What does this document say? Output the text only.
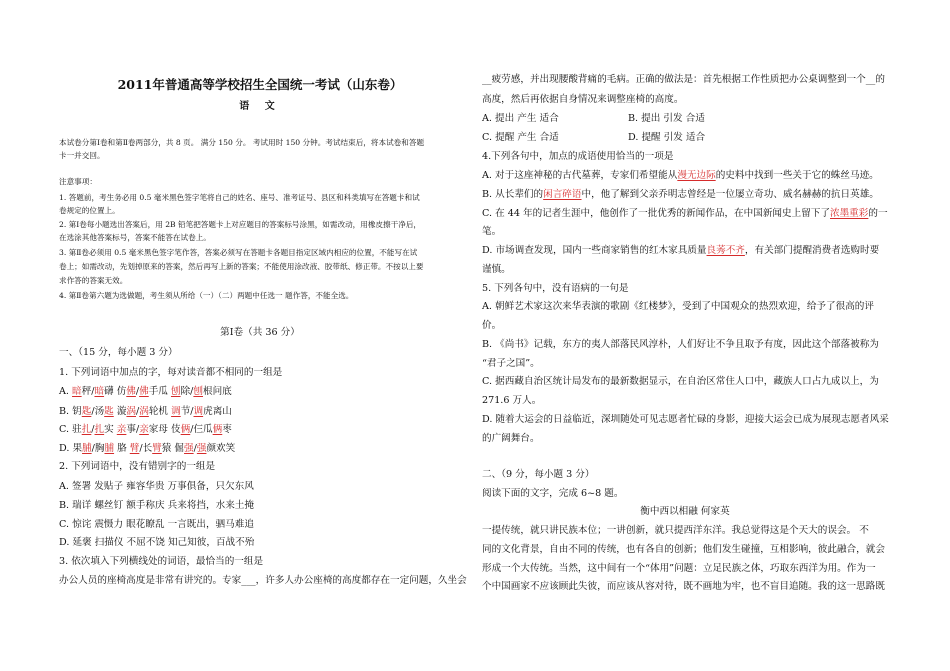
2011年普通高等学校招生全国统一考试（山东卷）
语 文
本试卷分第Ⅰ卷和第Ⅱ卷两部分，共 8 页。 满分 150 分。 考试用时 150 分钟。考试结束后，将本试卷和答题
卡一并交回。
注意事项：
1. 答题前，考生务必用 0.5 毫米黑色签字笔将自己的姓名、座号、准考证号、县区和科类填写在答题卡和试
卷规定的位置上。
2. 第Ⅰ卷每小题选出答案后，用 2B 铅笔把答题卡上对应题目的答案标号涂黑，如需改动，用橡皮擦干净后，
在选涂其他答案标号，答案不能答在试卷上。
3. 第Ⅱ卷必须用 0.5 毫米黑色签字笔作答，答案必须写在答题卡各题目指定区域内相应的位置，不能写在试
卷上；如需改动，先划掉原来的答案，然后再写上新的答案；不能使用涂改液、胶带纸、修正带。不按以上要
求作答的答案无效。
4. 第Ⅱ卷第六题为选做题，考生须从所给（一）（二）两题中任选一 题作答，不能全选。
第Ⅰ卷（共 36 分）
一、（15 分，每小题 3 分）
1. 下列词语中加点的字，每对读音都不相同的一组是
A. 暗秤/暗礴 仿佛/佛手瓜 刨除/刨根问底
B. 钥匙/汤匙 漩涡/涡轮机 调节/调虎离山
C. 驻扎/扎实 亲事/亲家母 伎俩/仨瓜俩枣
D. 果脯/胸脯 胳 臂/长臂猿 倔强/强颜欢笑
2. 下列词语中，没有错别字的一组是
A. 签署 发贴子 雍容华贵 万事俱备，只欠东风
B. 瑞详 螺丝钉 额手称庆 兵来将挡，水来土掩
C. 惊诧 震慑力 眼花瞭乱 一言既出，驷马难追
D. 延褒 扫描仪 不屈不饶 知己知彼，百战不殆
3. 依次填入下列横线处的词语，最恰当的一组是
办公人员的座椅高度是非常有讲究的。专家___，许多人办公座椅的高度都存在一定问题，久坐会
__疲劳感，并出现腰酸背痛的毛病。正确的做法是：首先根据工作性质把办公桌调整到一个__的
高度，然后再依据自身情况来调整座椅的高度。
A. 提出 产生 适合	B. 提出 引发 合适
C. 提醒 产生 合适	D. 提醒 引发 适合
4.下列各句中，加点的成语使用恰当的一项是
A. 对于这座神秘的古代墓葬，专家们希望能从漫无边际的史料中找到一些关于它的蛛丝马迹。
B. 从长辈们的闲言碎语中，他了解到父亲乔明志曾经是一位屡立奇功、威名赫赫的抗日英雄。
C. 在 44 年的记者生涯中，他创作了一批优秀的新闻作品，在中国新闻史上留下了浓墨重彩的一
笔。
D. 市场调查发现，国内一些商家销售的红木家具质量良莠不齐，有关部门提醒消费者选购时要
谨慎。
5. 下列各句中，没有语病的一句是
A. 朝鲜艺术家这次来华表演的歌剧《红楼梦》，受到了中国观众的热烈欢迎，给予了很高的评
价。
B. 《尚书》记载，东方的夷人部落民风淳朴，人们好让不争且取予有度，因此这个部落被称为
“君子之国”。
C. 据西藏自治区统计局发布的最新数据显示，在自治区常住人口中，藏族人口占九成以上，为
271.6 万人。
D. 随着大运会的日益临近，深圳随处可见志愿者忙碌的身影，迎接大运会已成为展现志愿者风采
的广阔舞台。
二、（9 分，每小题 3 分）
阅读下面的文字，完成 6~8 题。
衡中西以相融 何家英
一提传统，就只讲民族本位；一讲创新，就只提西洋东洋。我总觉得这是个天大的误会。 不
同的文化背景，自由不同的传统，也有各自的创新；他们发生碰撞，互相影响，彼此融合，就会
形成一个大传统。当然，这中间有一个“体用”问题：立足民族之体，巧取东西洋为用。作为一
个中国画家不应该顾此失彼，而应该从容对待，既不画地为牢，也不盲目追随。我的这一思路既
